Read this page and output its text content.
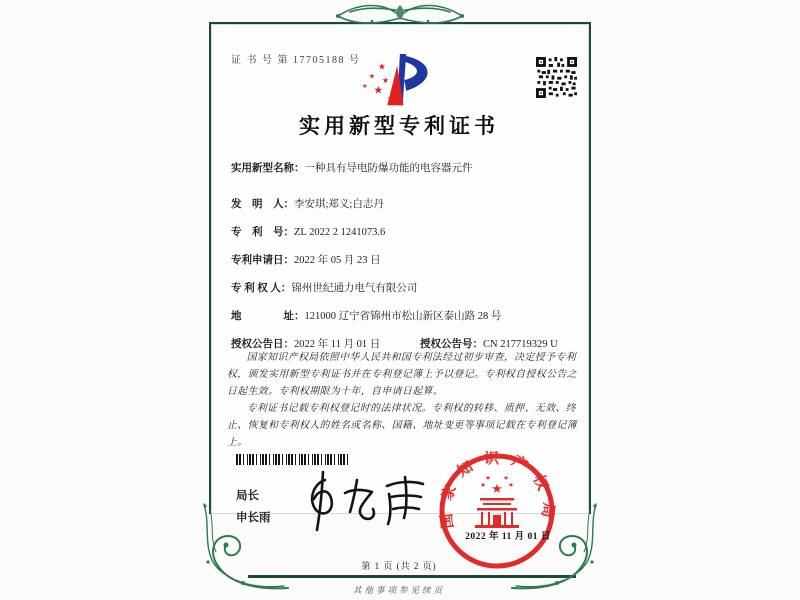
证 书 号 第 17705188 号
★
★ ★
★ ★
★
实用新型专利证书
实用新型名称：一种具有导电防爆功能的电容器元件
发　明　人：李安琪;郑义;白志丹
专　利　号：ZL 2022 2 1241073.6
专利申请日：2022 年 05 月 23 日
专 利 权 人：锦州世纪通力电气有限公司
地　　　　址：121000 辽宁省锦州市松山新区泰山路 28 号
授权公告日：2022 年 11 月 01 日	授权公告号：CN 217719329 U

国家知识产权局依照中华人民共和国专利法经过初步审查，决定授予专利权，颁发实用新型专利证书并在专利登记簿上予以登记。专利权自授权公告之日起生效。专利权期限为十年，自申请日起算。

专利证书记载专利权登记时的法律状况。专利权的转移、质押、无效、终止、恢复和专利权人的姓名或名称、国籍、地址变更等事项记载在专利登记簿上。

局长
申长雨	国家知识产权局
★
★	★
★ ★
2022 年 11 月 01 日
第 1 页 (共 2 页)
其他事项参见续页
